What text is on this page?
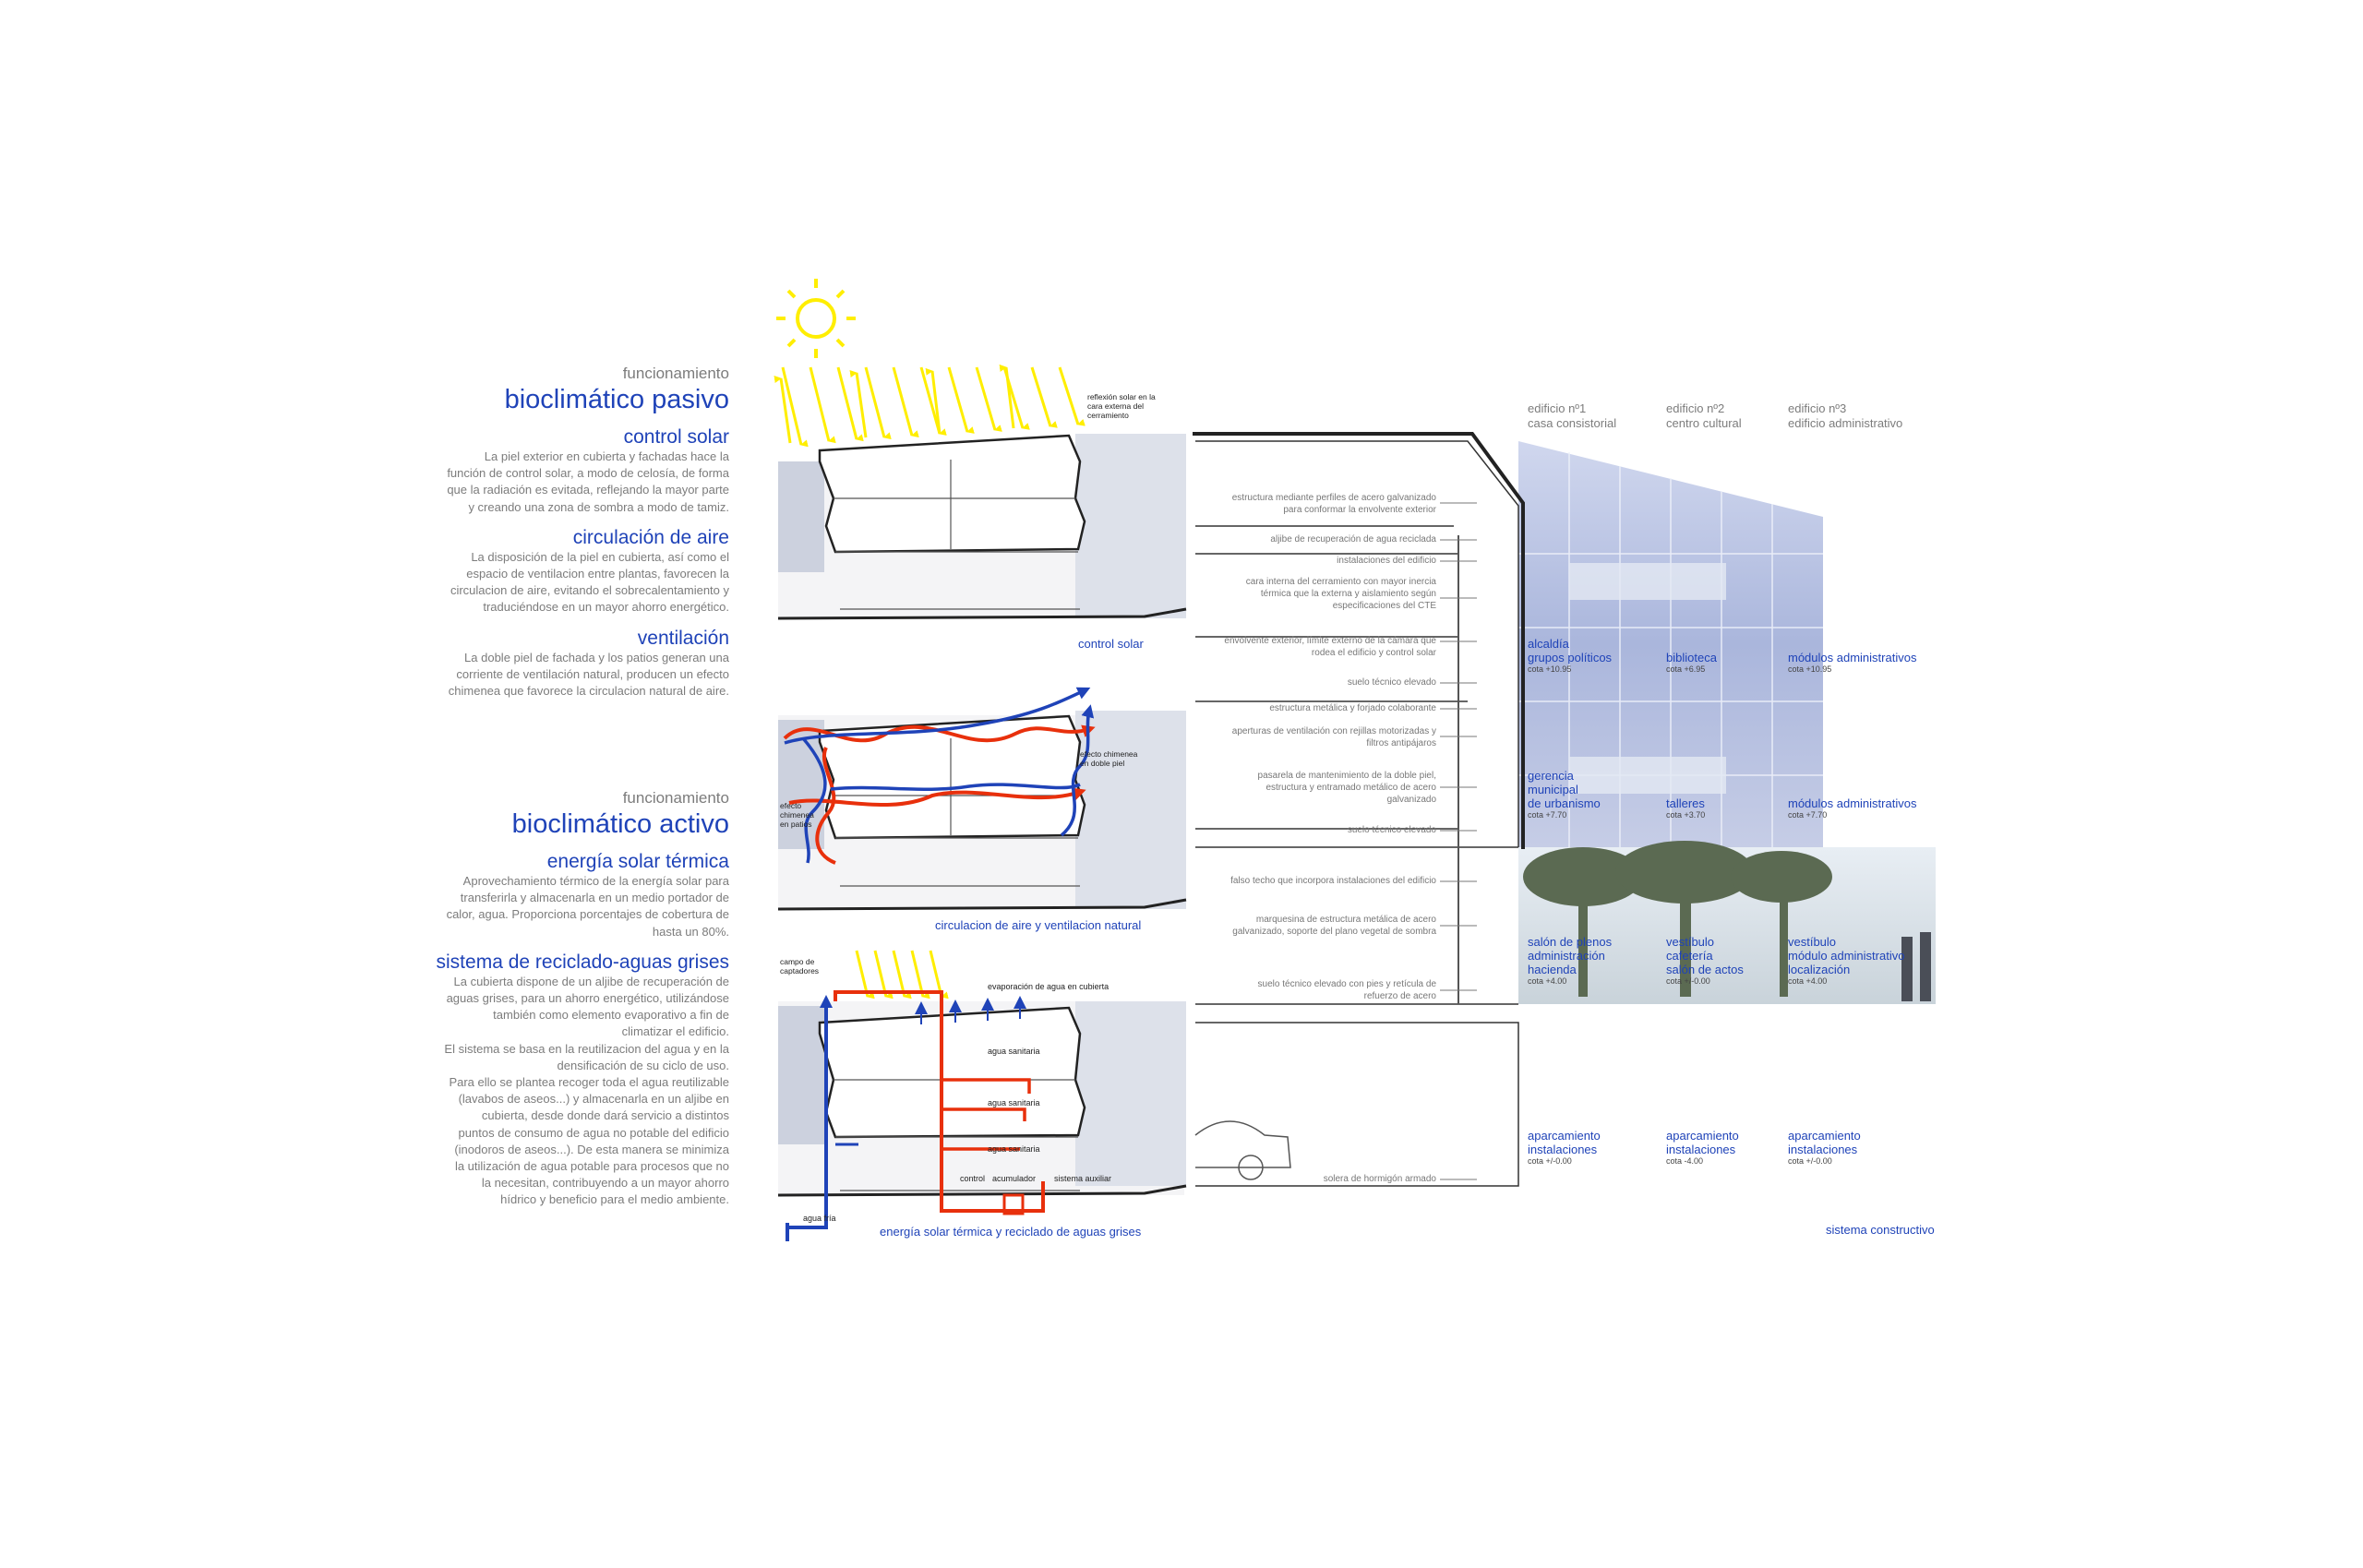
funcionamiento
bioclimático pasivo
control solar
La piel exterior en cubierta y fachadas hace la
función de control solar, a modo de celosía, de forma
que la radiación es evitada, reflejando la mayor parte
y creando una zona de sombra a modo de tamiz.
circulación de aire
La disposición de la piel en cubierta, así como el
espacio de ventilacion entre plantas, favorecen la
circulacion de aire, evitando el sobrecalentamiento y
traduciéndose en un mayor ahorro energético.
ventilación
La doble piel de fachada y los patios generan una
corriente de ventilación natural, producen un efecto
chimenea que favorece la circulacion natural de aire.
funcionamiento
bioclimático activo
energía solar térmica
Aprovechamiento térmico de la energía solar para
transferirla y almacenarla en un medio portador de
calor, agua. Proporciona porcentajes de cobertura de
hasta un 80%.
sistema de reciclado-aguas grises
La cubierta dispone de un aljibe de recuperación de
aguas grises, para un ahorro energético, utilizándose
también como elemento evaporativo a fin de
climatizar el edificio.
El sistema se basa en la reutilizacion del agua y en la
densificación de su ciclo de uso.
Para ello se plantea recoger toda el agua reutilizable
(lavabos de aseos...) y almacenarla en un aljibe en
cubierta, desde donde dará servicio a distintos
puntos de consumo de agua no potable del edificio
(inodoros de aseos...). De esta manera se minimiza
la utilización de agua potable para procesos que no
la necesitan, contribuyendo a un mayor ahorro
hídrico y beneficio para el medio ambiente.
reflexión solar en la
cara externa del
cerramiento
control solar
efecto chimenea
en doble piel
efecto
chimenea
en patios
circulacion de aire y ventilacion natural
campo de
captadores
evaporación de agua en cubierta
agua sanitaria
agua sanitaria
agua sanitaria
control acumulador sistema auxiliar
agua fría
energía solar térmica y reciclado de aguas grises
edificio nº1
casa consistorial
edificio nº2
centro cultural
edificio nº3
edificio administrativo
estructura mediante perfiles de acero galvanizado
para conformar la envolvente exterior
aljibe de recuperación de agua reciclada
instalaciones del edificio
cara interna del cerramiento con mayor inercia
térmica que la externa y aislamiento según
especificaciones del CTE
envolvente exterior, límite externo de la cámara que
rodea el edificio y control solar
suelo técnico elevado
estructura metálica y forjado colaborante
aperturas de ventilación con rejillas motorizadas y
filtros antipájaros
pasarela de mantenimiento de la doble piel,
estructura y entramado metálico de acero
galvanizado
suelo técnico elevado
falso techo que incorpora instalaciones del edificio
marquesina de estructura metálica de acero
galvanizado, soporte del plano vegetal de sombra
suelo técnico elevado con pies y retícula de
refuerzo de acero
solera de hormigón armado
alcaldía
grupos políticos
cota +10.95
biblioteca
cota +6.95
módulos administrativos
cota +10.95
gerencia
municipal
de urbanismo
cota +7.70
talleres
cota +3.70
módulos administrativos
cota +7.70
salón de plenos
administración
hacienda
cota +4.00
vestíbulo
cafetería
salón de actos
cota +/-0.00
vestíbulo
módulo administrativo
localización
cota +4.00
aparcamiento
instalaciones
cota +/-0.00
aparcamiento
instalaciones
cota -4.00
aparcamiento
instalaciones
cota +/-0.00
sistema constructivo
